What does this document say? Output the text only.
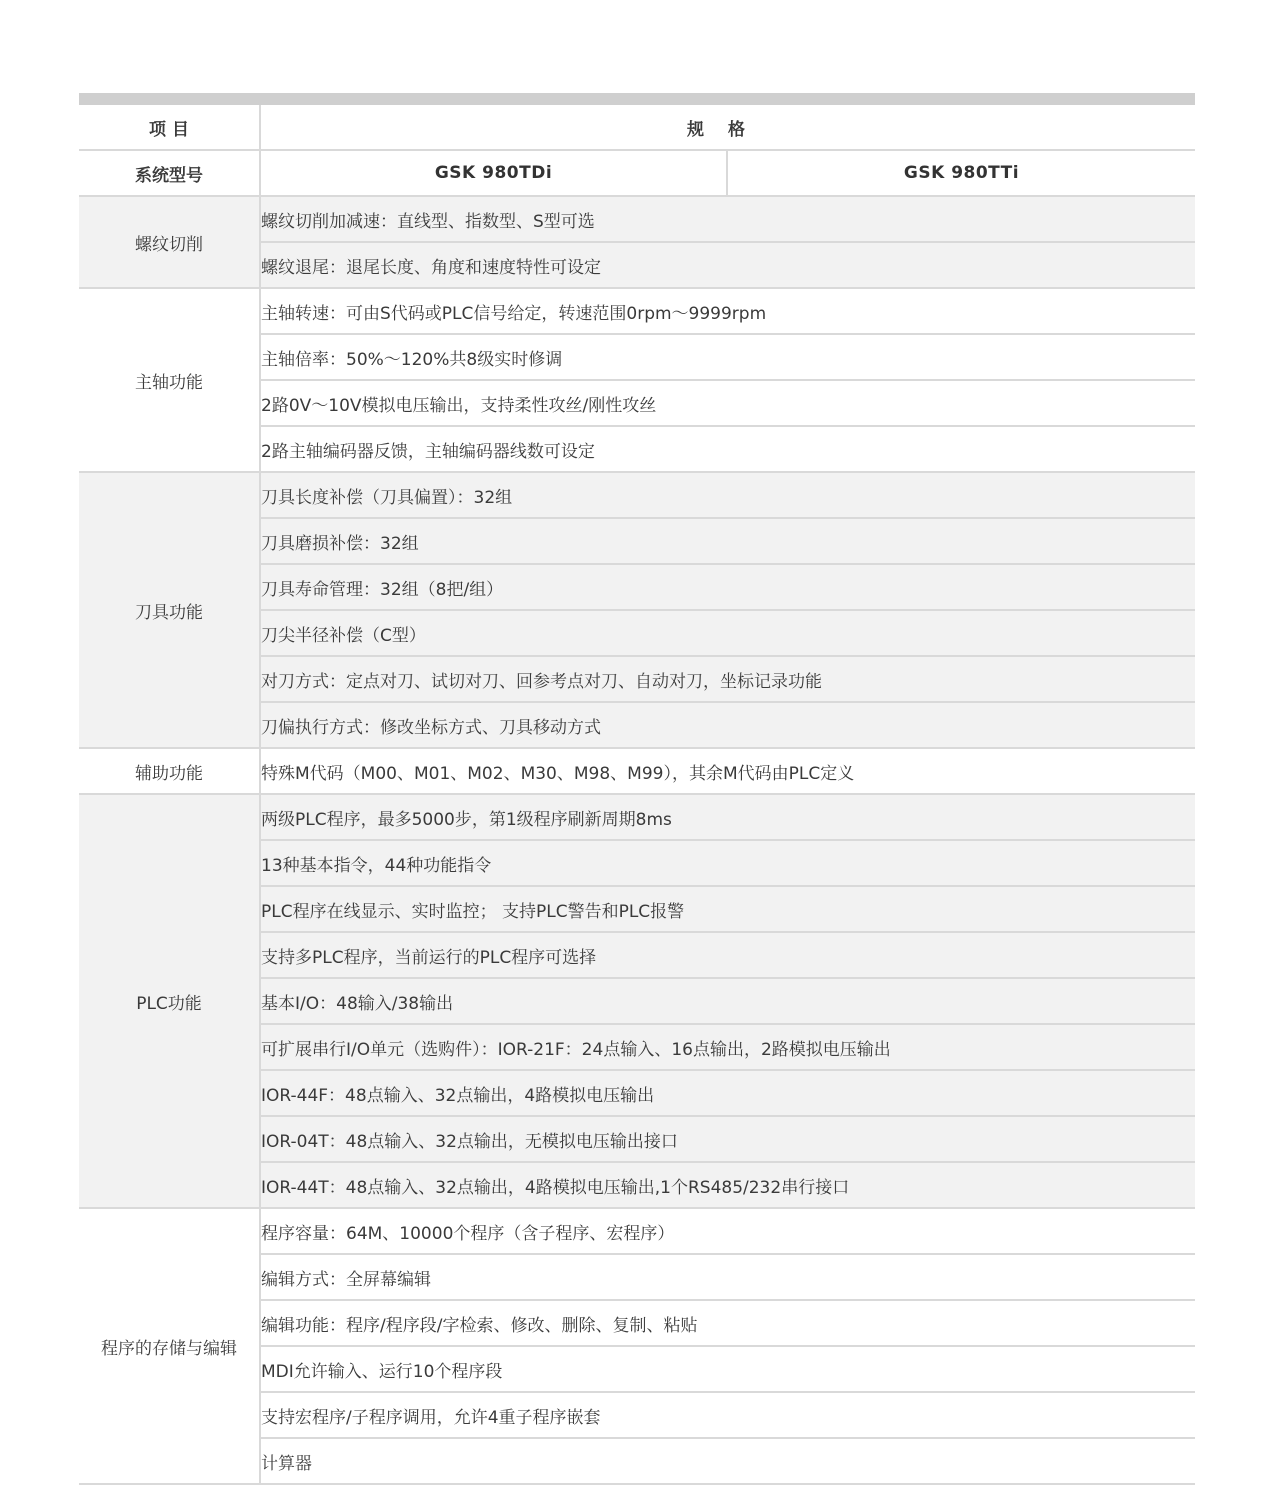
项 目	规格	
系统型号	GSK 980TDi	GSK 980TTi
螺纹切削	螺纹切削加减速：直线型、指数型、S型可选	
	螺纹退尾：退尾长度、角度和速度特性可设定	
主轴功能	主轴转速：可由S代码或PLC信号给定，转速范围0rpm～9999rpm	
	主轴倍率：50%～120%共8级实时修调	
	2路0V～10V模拟电压输出，支持柔性攻丝/刚性攻丝	
	2路主轴编码器反馈，主轴编码器线数可设定	
刀具功能	刀具长度补偿（刀具偏置）：32组	
	刀具磨损补偿：32组	
	刀具寿命管理：32组（8把/组）	
	刀尖半径补偿（C型）	
	对刀方式：定点对刀、试切对刀、回参考点对刀、自动对刀，坐标记录功能	
	刀偏执行方式：修改坐标方式、刀具移动方式	
辅助功能	特殊M代码（M00、M01、M02、M30、M98、M99），其余M代码由PLC定义	
PLC功能	两级PLC程序，最多5000步，第1级程序刷新周期8ms	
	13种基本指令，44种功能指令	
	PLC程序在线显示、实时监控； 支持PLC警告和PLC报警	
	支持多PLC程序，当前运行的PLC程序可选择	
	基本I/O：48输入/38输出	
	可扩展串行I/O单元（选购件）：IOR-21F：24点输入、16点输出，2路模拟电压输出	
	IOR-44F：48点输入、32点输出，4路模拟电压输出	
	IOR-04T：48点输入、32点输出，无模拟电压输出接口	
	IOR-44T：48点输入、32点输出，4路模拟电压输出,1个RS485/232串行接口	
程序的存储与编辑	程序容量：64M、10000个程序（含子程序、宏程序）	
	编辑方式：全屏幕编辑	
	编辑功能：程序/程序段/字检索、修改、删除、复制、粘贴	
	MDI允许输入、运行10个程序段	
	支持宏程序/子程序调用，允许4重子程序嵌套	
	计算器	
